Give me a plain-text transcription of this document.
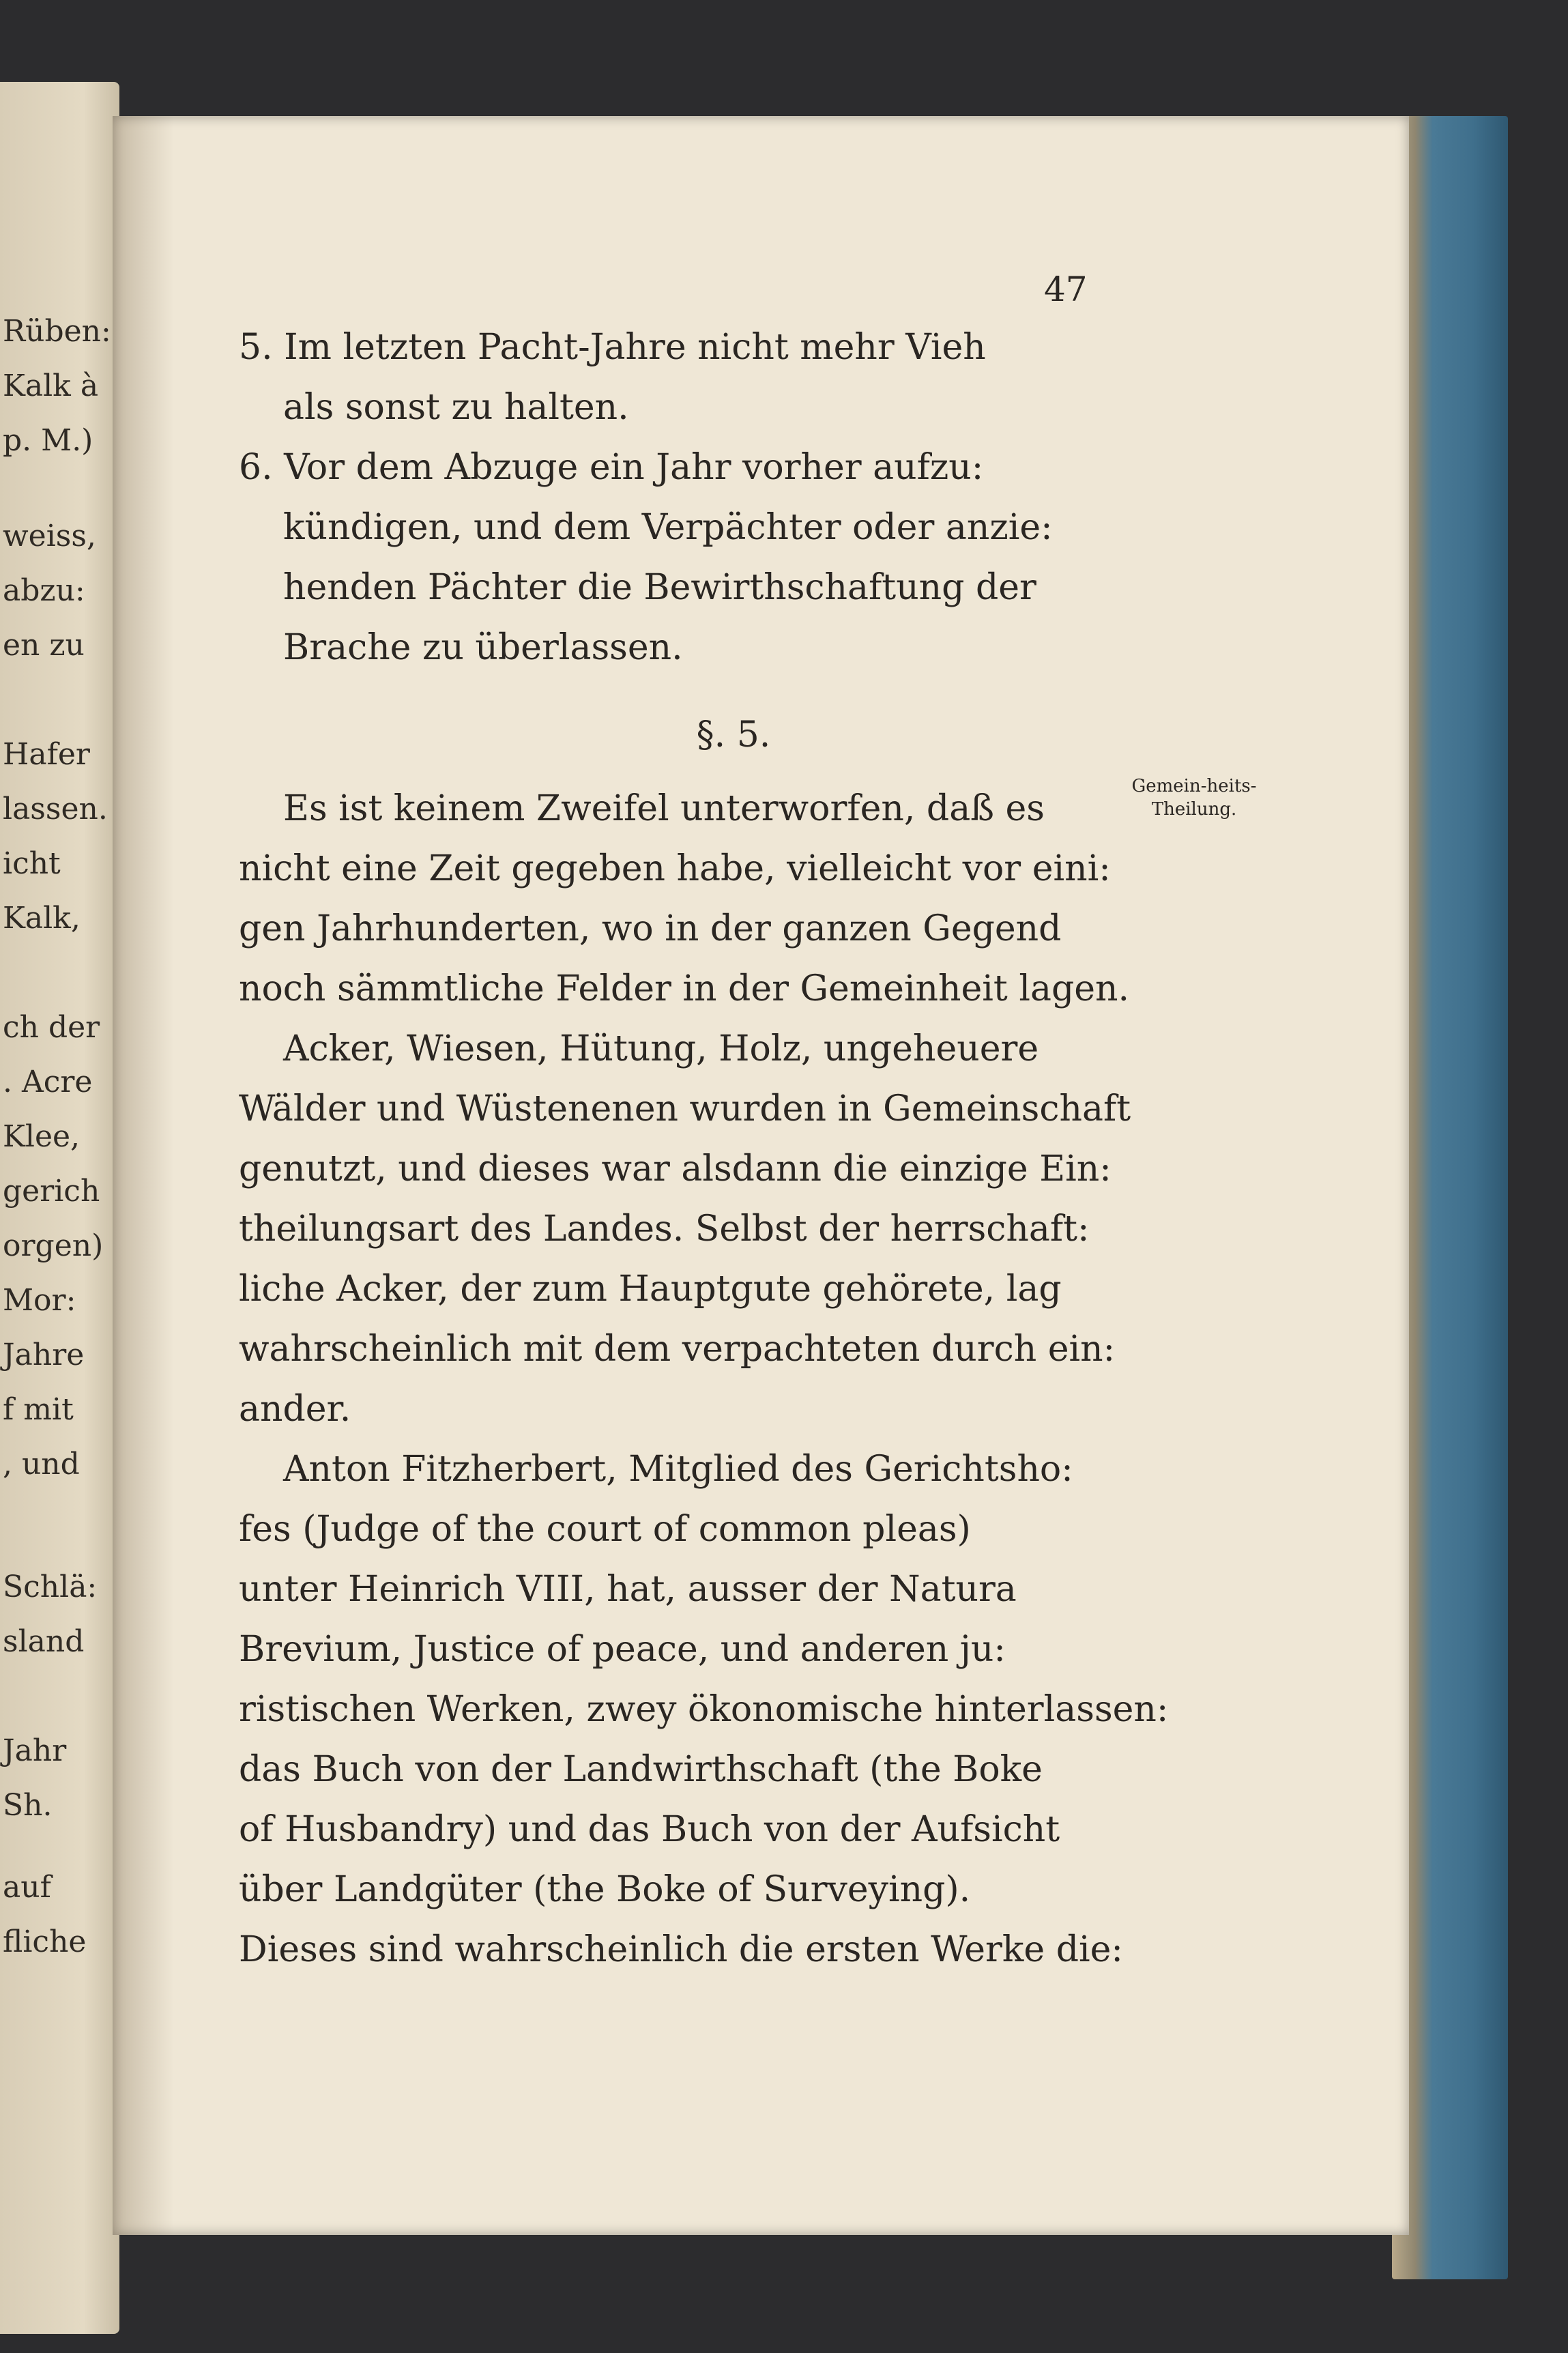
Rüben:
Kalk à
p. M.)
weiss,
abzu:
en zu
Hafer
lassen.
icht
Kalk,
ch der
. Acre
Klee,
gerich
orgen)
Mor:
Jahre
f mit
, und
Schlä:
sland
Jahr
Sh.
auf
fliche
47
5. Im letzten Pacht-Jahre nicht mehr Vieh
als sonst zu halten.
6. Vor dem Abzuge ein Jahr vorher aufzu:
kündigen, und dem Verpächter oder anzie:
henden Pächter die Bewirthschaftung der
Brache zu überlassen.
§. 5.
Es ist keinem Zweifel unterworfen, daß es
nicht eine Zeit gegeben habe, vielleicht vor eini:
gen Jahrhunderten, wo in der ganzen Gegend
noch sämmtliche Felder in der Gemeinheit lagen.
Acker, Wiesen, Hütung, Holz, ungeheuere
Wälder und Wüstenenen wurden in Gemeinschaft
genutzt, und dieses war alsdann die einzige Ein:
theilungsart des Landes. Selbst der herrschaft:
liche Acker, der zum Hauptgute gehörete, lag
wahrscheinlich mit dem verpachteten durch ein:
ander.
Anton Fitzherbert, Mitglied des Gerichtsho:
fes (Judge of the court of common pleas)
unter Heinrich VIII, hat, ausser der Natura
Brevium, Justice of peace, und anderen ju:
ristischen Werken, zwey ökonomische hinterlassen:
das Buch von der Landwirthschaft (the Boke
of Husbandry) und das Buch von der Aufsicht
über Landgüter (the Boke of Surveying).
Dieses sind wahrscheinlich die ersten Werke die:
Gemein-heits-Theilung.
